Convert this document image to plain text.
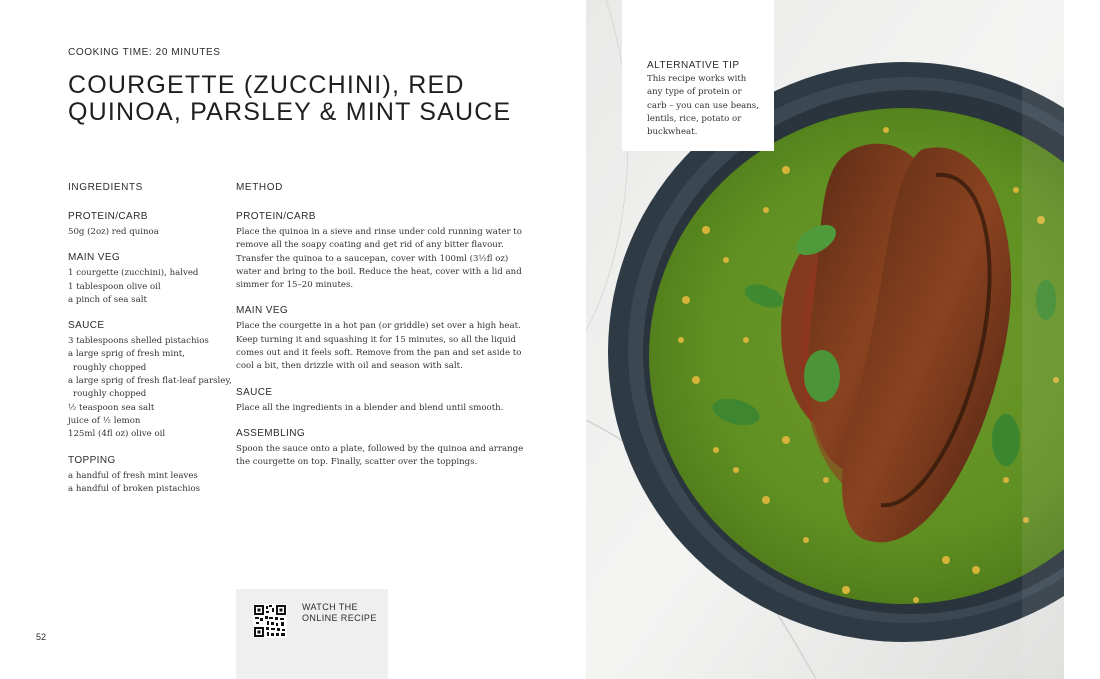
COOKING TIME: 20 MINUTES
COURGETTE (ZUCCHINI), RED QUINOA, PARSLEY & MINT SAUCE
INGREDIENTS	METHOD
PROTEIN/CARB
50g (2oz) red quinoa
MAIN VEG
1 courgette (zucchini), halved
1 tablespoon olive oil
a pinch of sea salt
SAUCE
3 tablespoons shelled pistachios
a large sprig of fresh mint,
roughly chopped
a large sprig of fresh flat-leaf parsley,
roughly chopped
½ teaspoon sea salt
juice of ½ lemon
125ml (4fl oz) olive oil
TOPPING
a handful of fresh mint leaves
a handful of broken pistachios
PROTEIN/CARB

Place the quinoa in a sieve and rinse under cold running water to remove all the soapy coating and get rid of any bitter flavour. Transfer the quinoa to a saucepan, cover with 100ml (3½fl oz) water and bring to the boil. Reduce the heat, cover with a lid and simmer for 15–20 minutes.

MAIN VEG

Place the courgette in a hot pan (or griddle) set over a high heat. Keep turning it and squashing it for 15 minutes, so all the liquid comes out and it feels soft. Remove from the pan and set aside to cool a bit, then drizzle with oil and season with salt.

SAUCE

Place all the ingredients in a blender and blend until smooth.

ASSEMBLING

Spoon the sauce onto a plate, followed by the quinoa and arrange the courgette on top. Finally, scatter over the toppings.

WATCH THE ONLINE RECIPE
52

ALTERNATIVE TIP

This recipe works with any type of protein or carb – you can use beans, lentils, rice, potato or buckwheat.
